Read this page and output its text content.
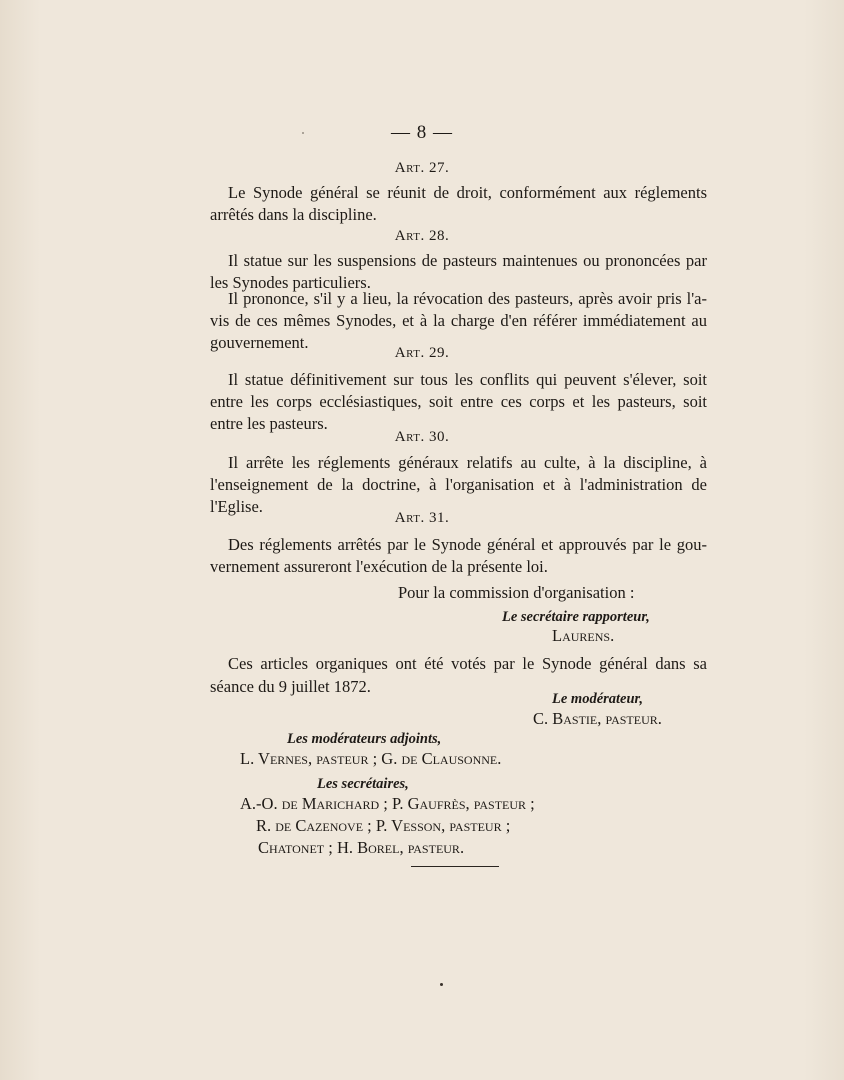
— 8 —
Art. 27.
Le Synode général se réunit de droit, conformément aux réglements
arrêtés dans la discipline.
Art. 28.
Il statue sur les suspensions de pasteurs maintenues ou prononcées par
les Synodes particuliers.
Il prononce, s'il y a lieu, la révocation des pasteurs, après avoir pris l'a-
vis de ces mêmes Synodes, et à la charge d'en référer immédiatement au
gouvernement.
Art. 29.
Il statue définitivement sur tous les conflits qui peuvent s'élever, soit
entre les corps ecclésiastiques, soit entre ces corps et les pasteurs, soit
entre les pasteurs.
Art. 30.
Il arrête les réglements généraux relatifs au culte, à la discipline, à
l'enseignement de la doctrine, à l'organisation et à l'administration de
l'Eglise.
Art. 31.
Des réglements arrêtés par le Synode général et approuvés par le gou-
vernement assureront l'exécution de la présente loi.
Pour la commission d'organisation :
Le secrétaire rapporteur,
Laurens.
Ces articles organiques ont été votés par le Synode général dans sa
séance du 9 juillet 1872.
Le modérateur,
C. Bastie, pasteur.
Les modérateurs adjoints,
L. Vernes, pasteur ; G. de Clausonne.
Les secrétaires,
A.-O. de Marichard ; P. Gaufrès, pasteur ;
R. de Cazenove ; P. Vesson, pasteur ;
Chatonet ; H. Borel, pasteur.
